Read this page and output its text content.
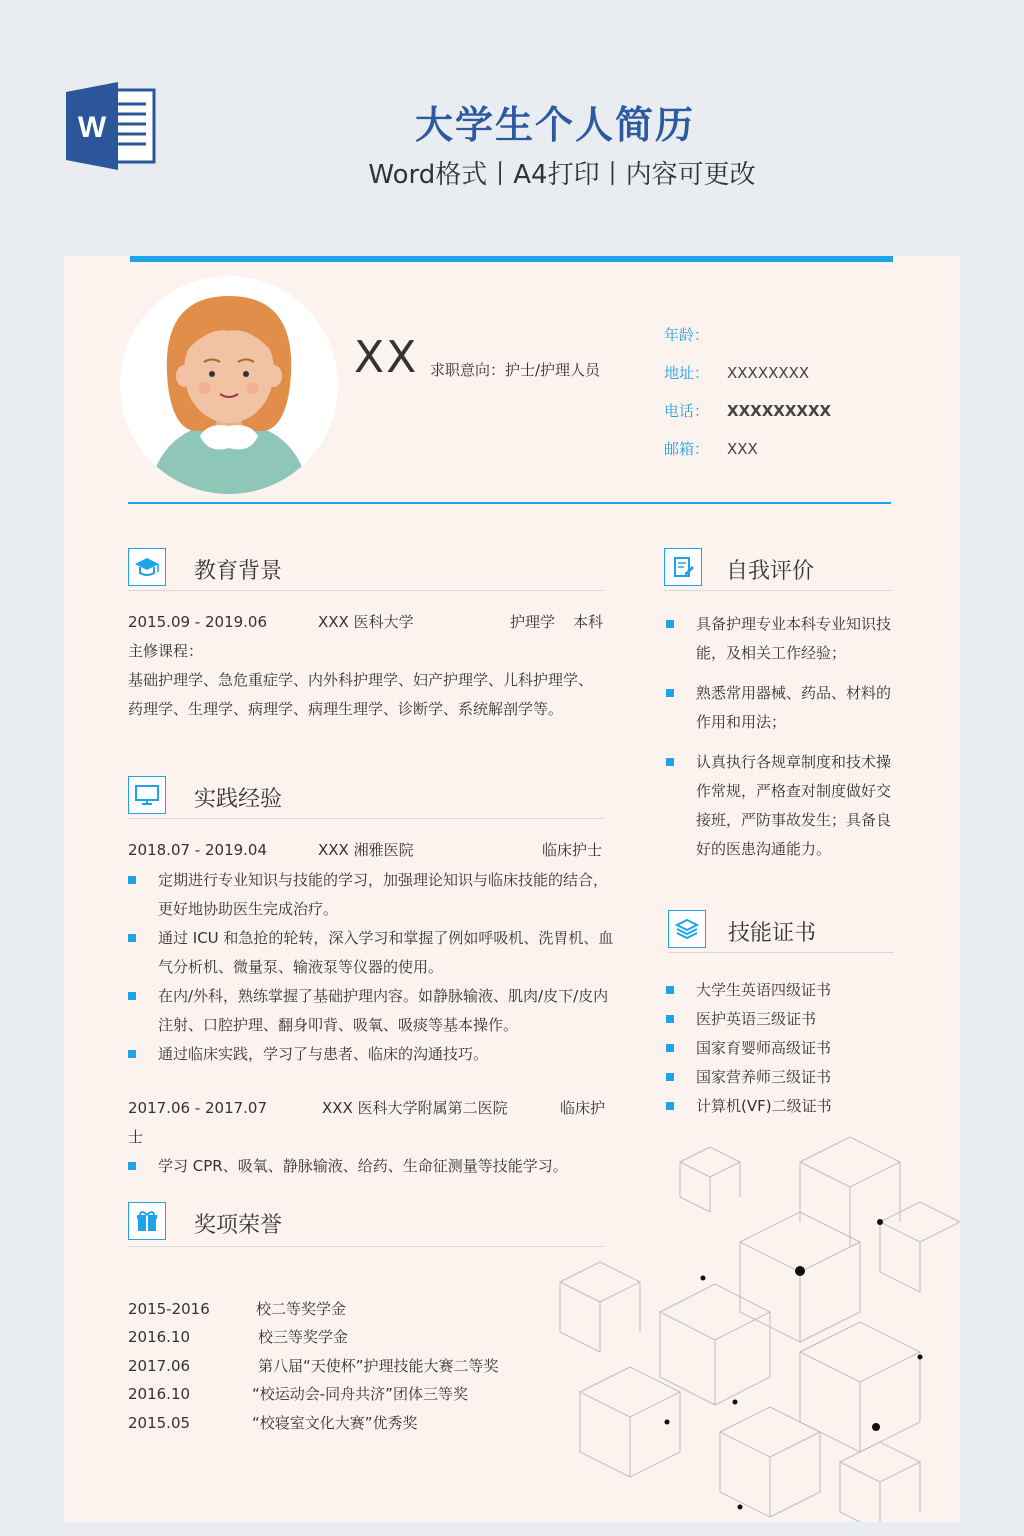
W	大学生个人简历
Word格式丨A4打印丨内容可更改
XX 求职意向：护士/护理人员
年龄：
地址： XXXXXXXX
电话： XXXXXXXXX
邮箱： XXX
教育背景
2015.09 - 2019.06	XXX 医科大学	护理学 本科
主修课程：
基础护理学、急危重症学、内外科护理学、妇产护理学、儿科护理学、
药理学、生理学、病理学、病理生理学、诊断学、系统解剖学等。
实践经验
2018.07 - 2019.04	XXX 湘雅医院	临床护士
定期进行专业知识与技能的学习，加强理论知识与临床技能的结合，更好地协助医生完成治疗。
通过 ICU 和急抢的轮转，深入学习和掌握了例如呼吸机、洗胃机、血气分析机、微量泵、输液泵等仪器的使用。
在内/外科，熟练掌握了基础护理内容。如静脉输液、肌肉/皮下/皮内注射、口腔护理、翻身叩背、吸氧、吸痰等基本操作。
通过临床实践，学习了与患者、临床的沟通技巧。
2017.06 - 2017.07	XXX 医科大学附属第二医院	临床护
士
学习 CPR、吸氧、静脉输液、给药、生命征测量等技能学习。
奖项荣誉
2015-2016	校二等奖学金
2016.10	校三等奖学金
2017.06	第八届“天使杯”护理技能大赛二等奖
2016.10	“校运动会-同舟共济”团体三等奖
2015.05	“校寝室文化大赛”优秀奖
自我评价
具备护理专业本科专业知识技能，及相关工作经验；
熟悉常用器械、药品、材料的作用和用法；
认真执行各规章制度和技术操作常规，严格查对制度做好交接班，严防事故发生；具备良好的医患沟通能力。
技能证书
大学生英语四级证书
医护英语三级证书
国家育婴师高级证书
国家营养师三级证书
计算机(VF)二级证书
